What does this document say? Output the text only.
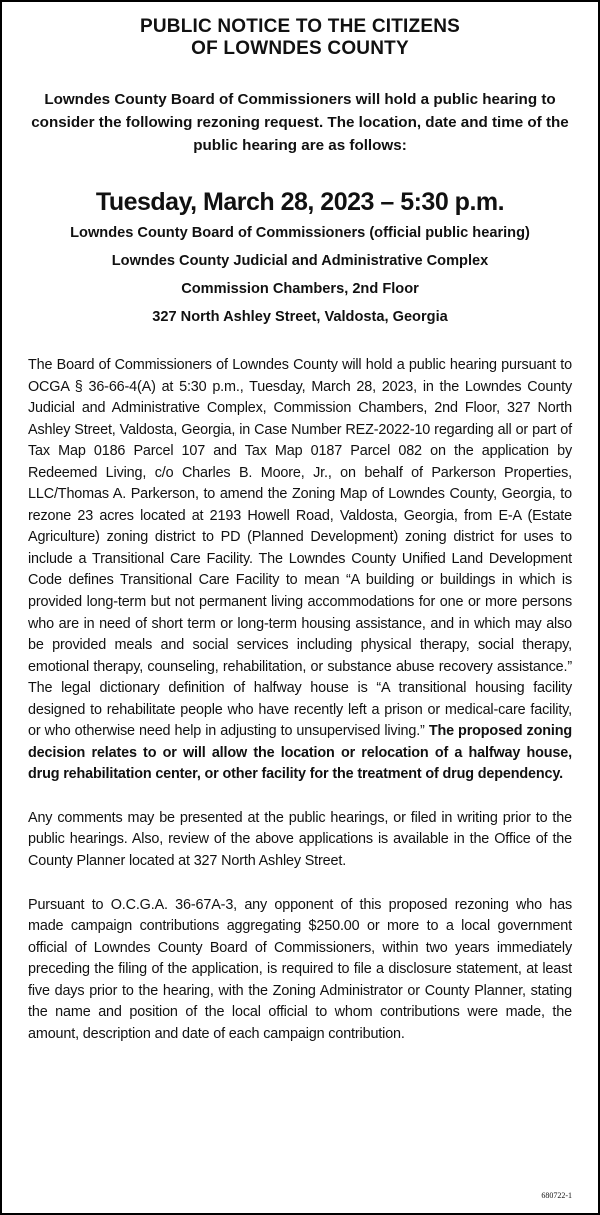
PUBLIC NOTICE TO THE CITIZENS
OF LOWNDES COUNTY

Lowndes County Board of Commissioners will hold a public hearing to consider the following rezoning request. The location, date and time of the public hearing are as follows:

Tuesday, March 28, 2023 – 5:30 p.m.

Lowndes County Board of Commissioners (official public hearing)

Lowndes County Judicial and Administrative Complex

Commission Chambers, 2nd Floor

327 North Ashley Street, Valdosta, Georgia

The Board of Commissioners of Lowndes County will hold a public hearing pursuant to OCGA § 36-66-4(A) at 5:30 p.m., Tuesday, March 28, 2023, in the Lowndes County Judicial and Administrative Complex, Commission Chambers, 2nd Floor, 327 North Ashley Street, Valdosta, Georgia, in Case Number REZ-2022-10 regarding all or part of Tax Map 0186 Parcel 107 and Tax Map 0187 Parcel 082 on the application by Redeemed Living, c/o Charles B. Moore, Jr., on behalf of Parkerson Properties, LLC/Thomas A. Parkerson, to amend the Zoning Map of Lowndes County, Georgia, to rezone 23 acres located at 2193 Howell Road, Valdosta, Georgia, from E-A (Estate Agriculture) zoning district to PD (Planned Development) zoning district for uses to include a Transitional Care Facility. The Lowndes County Unified Land Development Code defines Transitional Care Facility to mean “A building or buildings in which is provided long-term but not permanent living accommodations for one or more persons who are in need of short term or long-term housing assistance, and in which may also be provided meals and social services including physical therapy, social therapy, emotional therapy, counseling, rehabilitation, or substance abuse recovery assistance.” The legal dictionary definition of halfway house is “A transitional housing facility designed to rehabilitate people who have recently left a prison or medical-care facility, or who otherwise need help in adjusting to unsupervised living.” The proposed zoning decision relates to or will allow the location or relocation of a halfway house, drug rehabilitation center, or other facility for the treatment of drug dependency.

Any comments may be presented at the public hearings, or filed in writing prior to the public hearings. Also, review of the above applications is available in the Office of the County Planner located at 327 North Ashley Street.

Pursuant to O.C.G.A. 36-67A-3, any opponent of this proposed rezoning who has made campaign contributions aggregating $250.00 or more to a local government official of Lowndes County Board of Commissioners, within two years immediately preceding the filing of the application, is required to file a disclosure statement, at least five days prior to the hearing, with the Zoning Administrator or County Planner, stating the name and position of the local official to whom contributions were made, the amount, description and date of each campaign contribution.

680722-1
